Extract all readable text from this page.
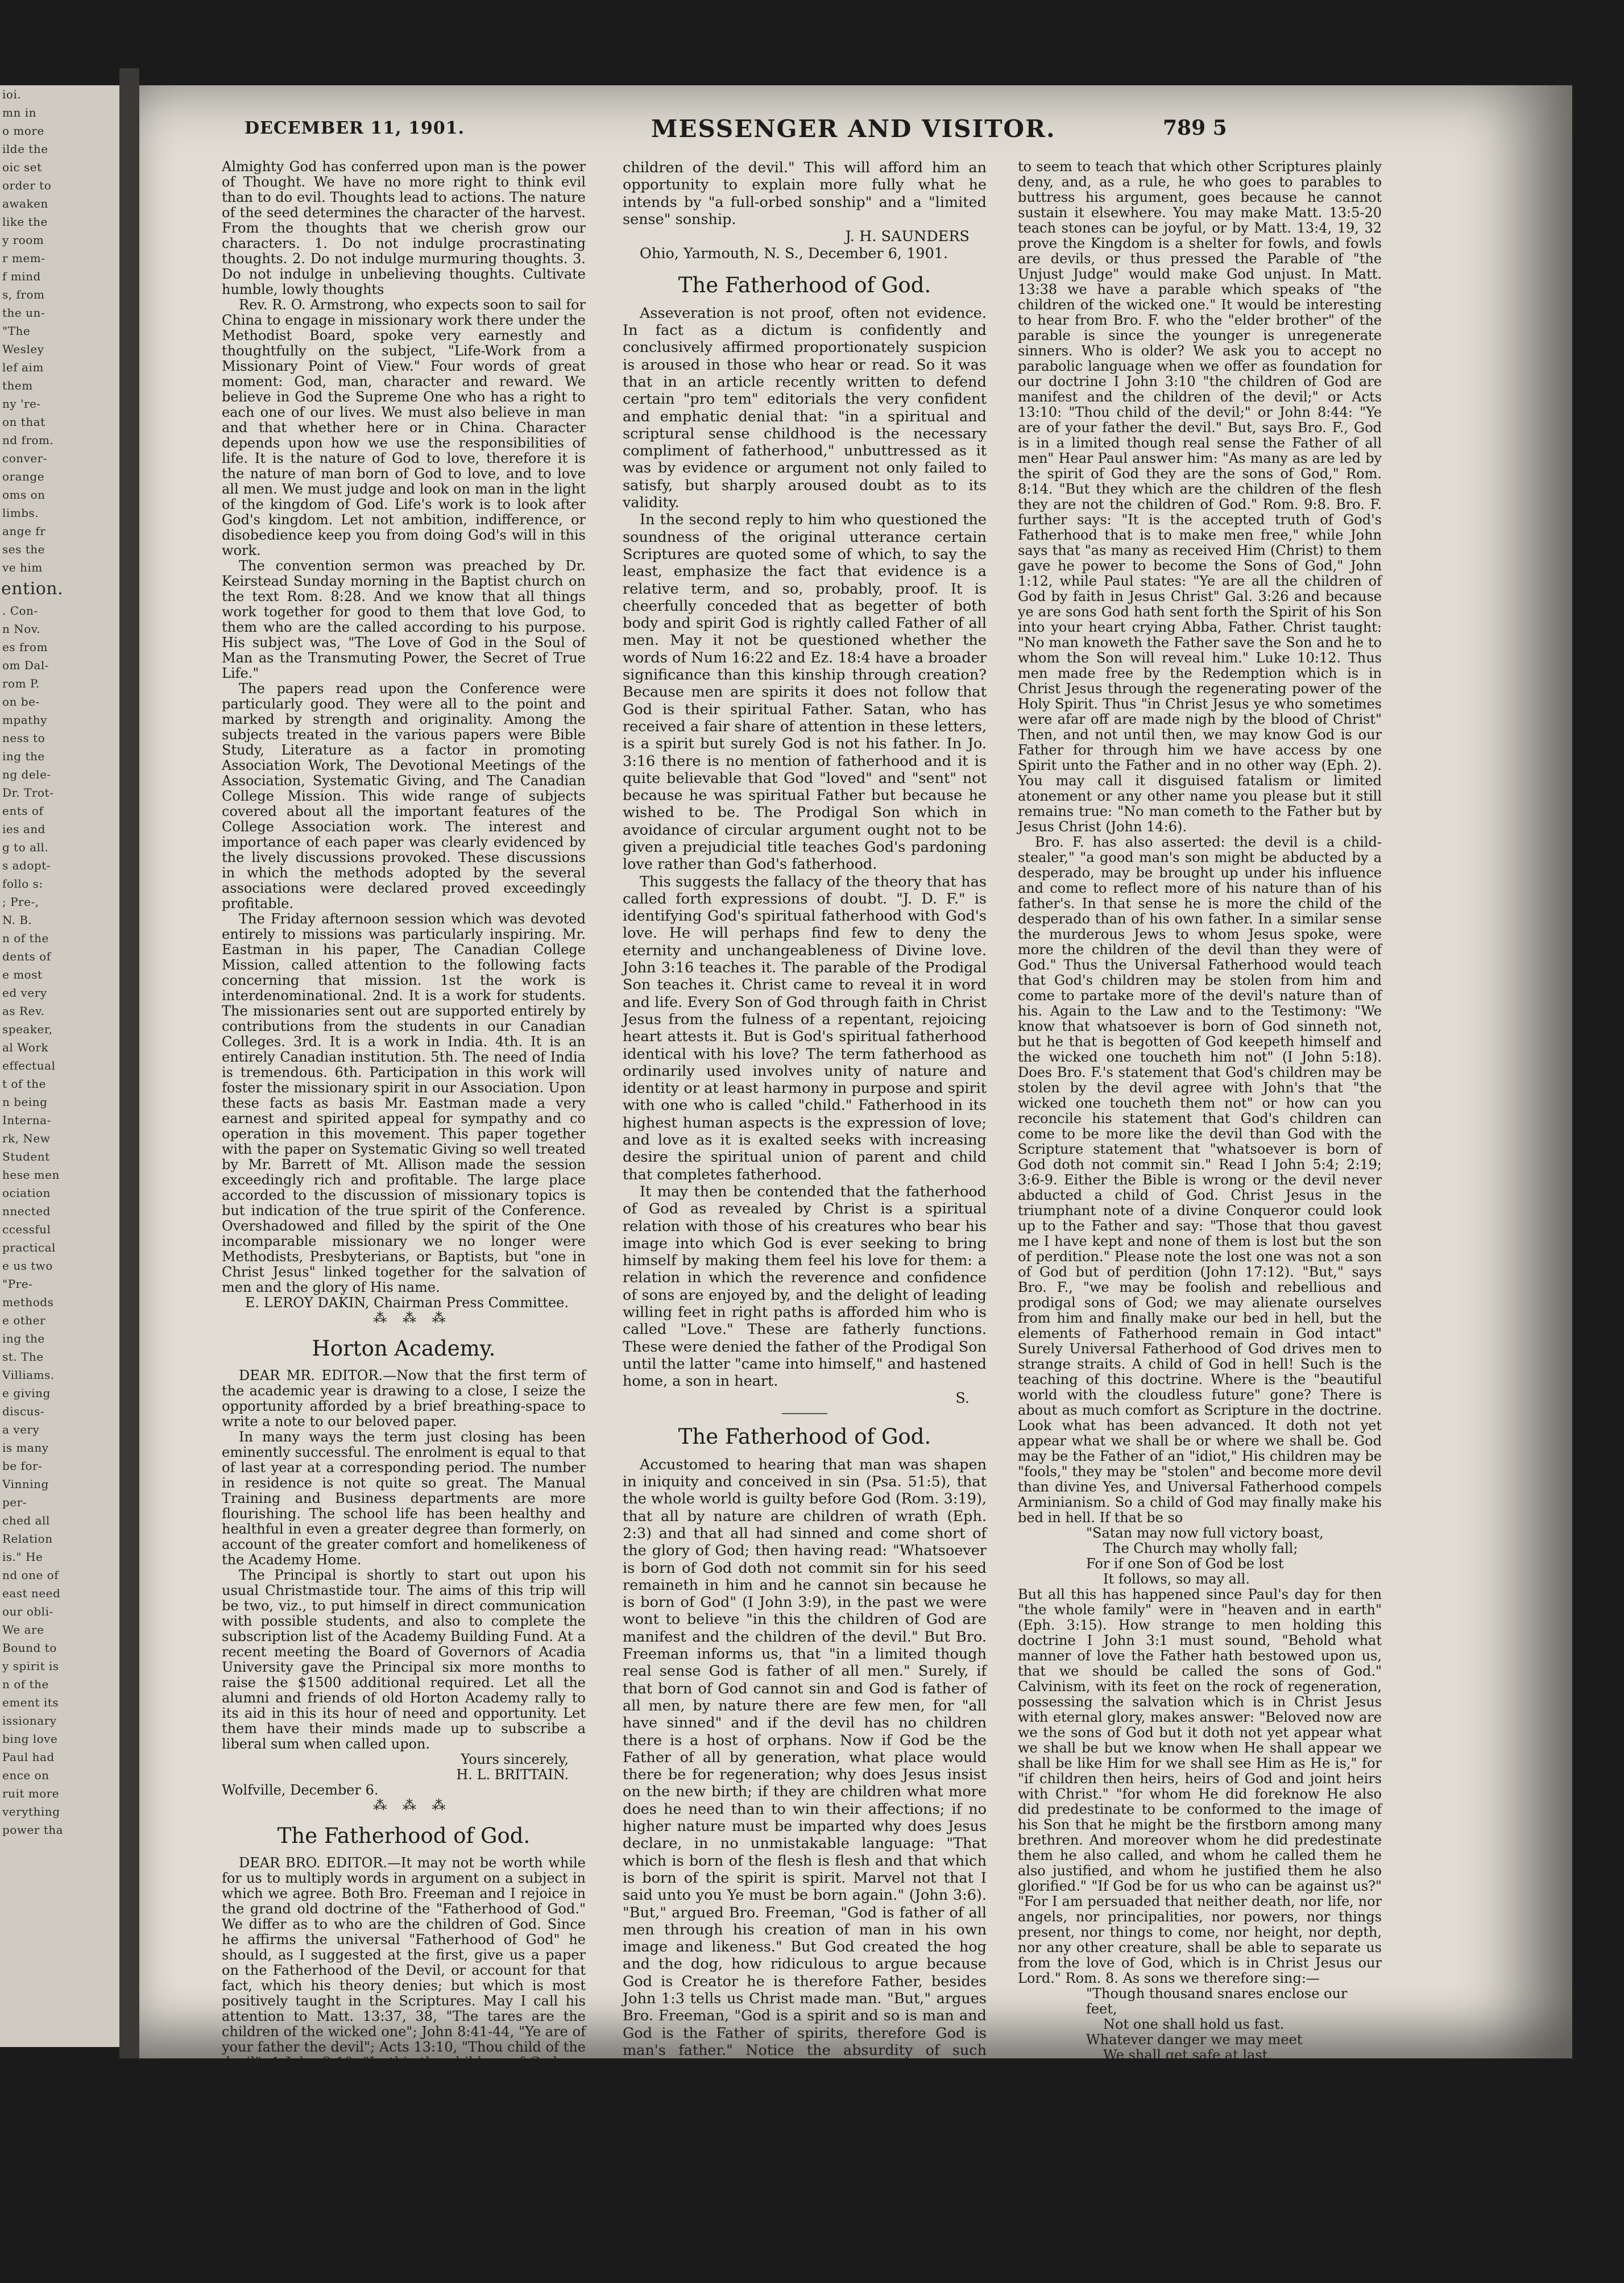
ioi.

mn in

o more

ilde the

oic set

order to

awaken

like the

y room

r mem-

f mind

s, from

the un-

"The

Wesley

lef aim

them

ny 're-

on that

nd from.

conver-

orange

oms on

limbs.

ange fr

ses the

ve him

ention.

. Con-

n Nov.

es from

om Dal-

rom P.

on be-

mpathy

ness to

ing the

ng dele-

Dr. Trot-

ents of

ies and

g to all.

s adopt-

follo s:

; Pre-,

N. B.

n of the

dents of

e most

ed very

as Rev.

speaker,

al Work

effectual

t of the

n being

Interna-

rk, New

Student

hese men

ociation

nnected

ccessful

practical

e us two

"Pre-

methods

e other

ing the

st. The

Villiams.

e giving

discus-

a very

is many

be for-

Vinning

per-

ched all

Relation

is." He

nd one of

east need

our obli-

We are

Bound to

y spirit is

n of the

ement its

issionary

bing love

Paul had

ence on

ruit more

verything

power tha

DECEMBER 11, 1901.	MESSENGER AND VISITOR.	789 5

Almighty God has conferred upon man is the power of Thought. We have no more right to think evil than to do evil. Thoughts lead to actions. The nature of the seed determines the character of the harvest. From the thoughts that we cherish grow our characters. 1. Do not indulge procrastinating thoughts. 2. Do not indulge murmuring thoughts. 3. Do not indulge in unbelieving thoughts. Cultivate humble, lowly thoughts

Rev. R. O. Armstrong, who expects soon to sail for China to engage in missionary work there under the Methodist Board, spoke very earnestly and thoughtfully on the subject, "Life-Work from a Missionary Point of View." Four words of great moment: God, man, character and reward. We believe in God the Supreme One who has a right to each one of our lives. We must also believe in man and that whether here or in China. Character depends upon how we use the responsibilities of life. It is the nature of God to love, therefore it is the nature of man born of God to love, and to love all men. We must judge and look on man in the light of the kingdom of God. Life's work is to look after God's kingdom. Let not ambition, indifference, or disobedience keep you from doing God's will in this work.

The convention sermon was preached by Dr. Keirstead Sunday morning in the Baptist church on the text Rom. 8:28. And we know that all things work together for good to them that love God, to them who are the called according to his purpose. His subject was, "The Love of God in the Soul of Man as the Transmuting Power, the Secret of True Life."

The papers read upon the Conference were particularly good. They were all to the point and marked by strength and originality. Among the subjects treated in the various papers were Bible Study, Literature as a factor in promoting Association Work, The Devotional Meetings of the Association, Systematic Giving, and The Canadian College Mission. This wide range of subjects covered about all the important features of the College Association work. The interest and importance of each paper was clearly evidenced by the lively discussions provoked. These discussions in which the methods adopted by the several associations were declared proved exceedingly profitable.

The Friday afternoon session which was devoted entirely to missions was particularly inspiring. Mr. Eastman in his paper, The Canadian College Mission, called attention to the following facts concerning that mission. 1st the work is interdenominational. 2nd. It is a work for students. The missionaries sent out are supported entirely by contributions from the students in our Canadian Colleges. 3rd. It is a work in India. 4th. It is an entirely Canadian institution. 5th. The need of India is tremendous. 6th. Participation in this work will foster the missionary spirit in our Association. Upon these facts as basis Mr. Eastman made a very earnest and spirited appeal for sympathy and co operation in this movement. This paper together with the paper on Systematic Giving so well treated by Mr. Barrett of Mt. Allison made the session exceedingly rich and profitable. The large place accorded to the discussion of missionary topics is but indication of the true spirit of the Conference. Overshadowed and filled by the spirit of the One incomparable missionary we no longer were Methodists, Presbyterians, or Baptists, but "one in Christ Jesus" linked together for the salvation of men and the glory of His name.

E. LEROY DAKIN, Chairman Press Committee.

⁂ ⁂ ⁂

Horton Academy.

DEAR MR. EDITOR.—Now that the first term of the academic year is drawing to a close, I seize the opportunity afforded by a brief breathing-space to write a note to our beloved paper.

In many ways the term just closing has been eminently successful. The enrolment is equal to that of last year at a corresponding period. The number in residence is not quite so great. The Manual Training and Business departments are more flourishing. The school life has been healthy and healthful in even a greater degree than formerly, on account of the greater comfort and homelikeness of the Academy Home.

The Principal is shortly to start out upon his usual Christmastide tour. The aims of this trip will be two, viz., to put himself in direct communication with possible students, and also to complete the subscription list of the Academy Building Fund. At a recent meeting the Board of Governors of Acadia University gave the Principal six more months to raise the $1500 additional required. Let all the alumni and friends of old Horton Academy rally to its aid in this its hour of need and opportunity. Let them have their minds made up to subscribe a liberal sum when called upon.

Yours sincerely,

H. L. BRITTAIN.

Wolfville, December 6.

⁂ ⁂ ⁂

The Fatherhood of God.

DEAR BRO. EDITOR.—It may not be worth while for us to multiply words in argument on a subject in which we agree. Both Bro. Freeman and I rejoice in the grand old doctrine of the "Fatherhood of God." We differ as to who are the children of God. Since he affirms the universal "Fatherhood of God" he should, as I suggested at the first, give us a paper on the Fatherhood of the Devil, or account for that fact, which his theory denies; but which is most positively taught in the Scriptures. May I call his attention to Matt. 13:37, 38, "The tares are the children of the wicked one"; John 8:41-44, "Ye are of your father the devil"; Acts 13:10, "Thou child of the devil"; 1 John 3:10, "In this the children of God are manifest and the

children of the devil." This will afford him an opportunity to explain more fully what he intends by "a full-orbed sonship" and a "limited sense" sonship.

J. H. SAUNDERS

Ohio, Yarmouth, N. S., December 6, 1901.

The Fatherhood of God.

Asseveration is not proof, often not evidence. In fact as a dictum is confidently and conclusively affirmed proportionately suspicion is aroused in those who hear or read. So it was that in an article recently written to defend certain "pro tem" editorials the very confident and emphatic denial that: "in a spiritual and scriptural sense childhood is the necessary compliment of fatherhood," unbuttressed as it was by evidence or argument not only failed to satisfy, but sharply aroused doubt as to its validity.

In the second reply to him who questioned the soundness of the original utterance certain Scriptures are quoted some of which, to say the least, emphasize the fact that evidence is a relative term, and so, probably, proof. It is cheerfully conceded that as begetter of both body and spirit God is rightly called Father of all men. May it not be questioned whether the words of Num 16:22 and Ez. 18:4 have a broader significance than this kinship through creation? Because men are spirits it does not follow that God is their spiritual Father. Satan, who has received a fair share of attention in these letters, is a spirit but surely God is not his father. In Jo. 3:16 there is no mention of fatherhood and it is quite believable that God "loved" and "sent" not because he was spiritual Father but because he wished to be. The Prodigal Son which in avoidance of circular argument ought not to be given a prejudicial title teaches God's pardoning love rather than God's fatherhood.

This suggests the fallacy of the theory that has called forth expressions of doubt. "J. D. F." is identifying God's spiritual fatherhood with God's love. He will perhaps find few to deny the eternity and unchangeableness of Divine love. John 3:16 teaches it. The parable of the Prodigal Son teaches it. Christ came to reveal it in word and life. Every Son of God through faith in Christ Jesus from the fulness of a repentant, rejoicing heart attests it. But is God's spiritual fatherhood identical with his love? The term fatherhood as ordinarily used involves unity of nature and identity or at least harmony in purpose and spirit with one who is called "child." Fatherhood in its highest human aspects is the expression of love; and love as it is exalted seeks with increasing desire the spiritual union of parent and child that completes fatherhood.

It may then be contended that the fatherhood of God as revealed by Christ is a spiritual relation with those of his creatures who bear his image into which God is ever seeking to bring himself by making them feel his love for them: a relation in which the reverence and confidence of sons are enjoyed by, and the delight of leading willing feet in right paths is afforded him who is called "Love." These are fatherly functions. These were denied the father of the Prodigal Son until the latter "came into himself," and hastened home, a son in heart.

S.

The Fatherhood of God.

Accustomed to hearing that man was shapen in iniquity and conceived in sin (Psa. 51:5), that the whole world is guilty before God (Rom. 3:19), that all by nature are children of wrath (Eph. 2:3) and that all had sinned and come short of the glory of God; then having read: "Whatsoever is born of God doth not commit sin for his seed remaineth in him and he cannot sin because he is born of God" (I John 3:9), in the past we were wont to believe "in this the children of God are manifest and the children of the devil." But Bro. Freeman informs us, that "in a limited though real sense God is father of all men." Surely, if that born of God cannot sin and God is father of all men, by nature there are few men, for "all have sinned" and if the devil has no children there is a host of orphans. Now if God be the Father of all by generation, what place would there be for regeneration; why does Jesus insist on the new birth; if they are children what more does he need than to win their affections; if no higher nature must be imparted why does Jesus declare, in no unmistakable language: "That which is born of the flesh is flesh and that which is born of the spirit is spirit. Marvel not that I said unto you Ye must be born again." (John 3:6). "But," argued Bro. Freeman, "God is father of all men through his creation of man in his own image and likeness." But God created the hog and the dog, how ridiculous to argue because God is Creator he is therefore Father, besides John 1:3 tells us Christ made man. "But," argues Bro. Freeman, "God is a spirit and so is man and God is the Father of spirits, therefore God is man's father." Notice the absurdity of such reasoning, with equal consistency we may say: God is a spirit, devils are spirits, therefore God is the Father of devils. Again he seeks evidence, this time he says: "If God is Father to the 'Son of Man' he is man's Father." Try an example of like reasoning: "The 'Son of Man' hath power on earth to forgive sin," therefore sons of men have power to forgive sin and Rome is right priests can absolve (?) Can Bro. Freeman accept this theology? The universal "Fatherhood of God" is next sought through the parable of "The Prodigal Son." Now no man knows better than Bro. F. that parables if pressed on all fours can be made

to seem to teach that which other Scriptures plainly deny, and, as a rule, he who goes to parables to buttress his argument, goes because he cannot sustain it elsewhere. You may make Matt. 13:5-20 teach stones can be joyful, or by Matt. 13:4, 19, 32 prove the Kingdom is a shelter for fowls, and fowls are devils, or thus pressed the Parable of "the Unjust Judge" would make God unjust. In Matt. 13:38 we have a parable which speaks of "the children of the wicked one." It would be interesting to hear from Bro. F. who the "elder brother" of the parable is since the younger is unregenerate sinners. Who is older? We ask you to accept no parabolic language when we offer as foundation for our doctrine I John 3:10 "the children of God are manifest and the children of the devil;" or Acts 13:10: "Thou child of the devil;" or John 8:44: "Ye are of your father the devil." But, says Bro. F., God is in a limited though real sense the Father of all men" Hear Paul answer him: "As many as are led by the spirit of God they are the sons of God," Rom. 8:14. "But they which are the children of the flesh they are not the children of God." Rom. 9:8. Bro. F. further says: "It is the accepted truth of God's Fatherhood that is to make men free," while John says that "as many as received Him (Christ) to them gave he power to become the Sons of God," John 1:12, while Paul states: "Ye are all the children of God by faith in Jesus Christ" Gal. 3:26 and because ye are sons God hath sent forth the Spirit of his Son into your heart crying Abba, Father. Christ taught: "No man knoweth the Father save the Son and he to whom the Son will reveal him." Luke 10:12. Thus men made free by the Redemption which is in Christ Jesus through the regenerating power of the Holy Spirit. Thus "in Christ Jesus ye who sometimes were afar off are made nigh by the blood of Christ" Then, and not until then, we may know God is our Father for through him we have access by one Spirit unto the Father and in no other way (Eph. 2). You may call it disguised fatalism or limited atonement or any other name you please but it still remains true: "No man cometh to the Father but by Jesus Christ (John 14:6).

Bro. F. has also asserted: the devil is a child-stealer," "a good man's son might be abducted by a desperado, may be brought up under his influence and come to reflect more of his nature than of his father's. In that sense he is more the child of the desperado than of his own father. In a similar sense the murderous Jews to whom Jesus spoke, were more the children of the devil than they were of God." Thus the Universal Fatherhood would teach that God's children may be stolen from him and come to partake more of the devil's nature than of his. Again to the Law and to the Testimony: "We know that whatsoever is born of God sinneth not, but he that is begotten of God keepeth himself and the wicked one toucheth him not" (I John 5:18). Does Bro. F.'s statement that God's children may be stolen by the devil agree with John's that "the wicked one toucheth them not" or how can you reconcile his statement that God's children can come to be more like the devil than God with the Scripture statement that "whatsoever is born of God doth not commit sin." Read I John 5:4; 2:19; 3:6-9. Either the Bible is wrong or the devil never abducted a child of God. Christ Jesus in the triumphant note of a divine Conqueror could look up to the Father and say: "Those that thou gavest me I have kept and none of them is lost but the son of perdition." Please note the lost one was not a son of God but of perdition (John 17:12). "But," says Bro. F., "we may be foolish and rebellious and prodigal sons of God; we may alienate ourselves from him and finally make our bed in hell, but the elements of Fatherhood remain in God intact" Surely Universal Fatherhood of God drives men to strange straits. A child of God in hell! Such is the teaching of this doctrine. Where is the "beautiful world with the cloudless future" gone? There is about as much comfort as Scripture in the doctrine. Look what has been advanced. It doth not yet appear what we shall be or where we shall be. God may be the Father of an "idiot," His children may be "fools," they may be "stolen" and become more devil than divine Yes, and Universal Fatherhood compels Arminianism. So a child of God may finally make his bed in hell. If that be so

"Satan may now full victory boast,

The Church may wholly fall;

For if one Son of God be lost

It follows, so may all.

But all this has happened since Paul's day for then "the whole family" were in "heaven and in earth" (Eph. 3:15). How strange to men holding this doctrine I John 3:1 must sound, "Behold what manner of love the Father hath bestowed upon us, that we should be called the sons of God." Calvinism, with its feet on the rock of regeneration, possessing the salvation which is in Christ Jesus with eternal glory, makes answer: "Beloved now are we the sons of God but it doth not yet appear what we shall be but we know when He shall appear we shall be like Him for we shall see Him as He is," for "if children then heirs, heirs of God and joint heirs with Christ." "for whom He did foreknow He also did predestinate to be conformed to the image of his Son that he might be the firstborn among many brethren. And moreover whom he did predestinate them he also called, and whom he called them he also justified, and whom he justified them he also glorified." "If God be for us who can be against us?" "For I am persuaded that neither death, nor life, nor angels, nor principalities, nor powers, nor things present, nor things to come, nor height, nor depth, nor any other creature, shall be able to separate us from the love of God, which is in Christ Jesus our Lord." Rom. 8. As sons we therefore sing:—

"Though thousand snares enclose our feet,

Not one shall hold us fast.

Whatever danger we may meet

We shall get safe at last.

For Christ in every age has proved

His purchase firm and true.

If this foundation be removed

What shall the righteous do?

Not as the world, the Saviour gives,

He is no fickle friend.

Whom once he loves he never leaves,

But loves them to the end."

R. M. BYNON.
